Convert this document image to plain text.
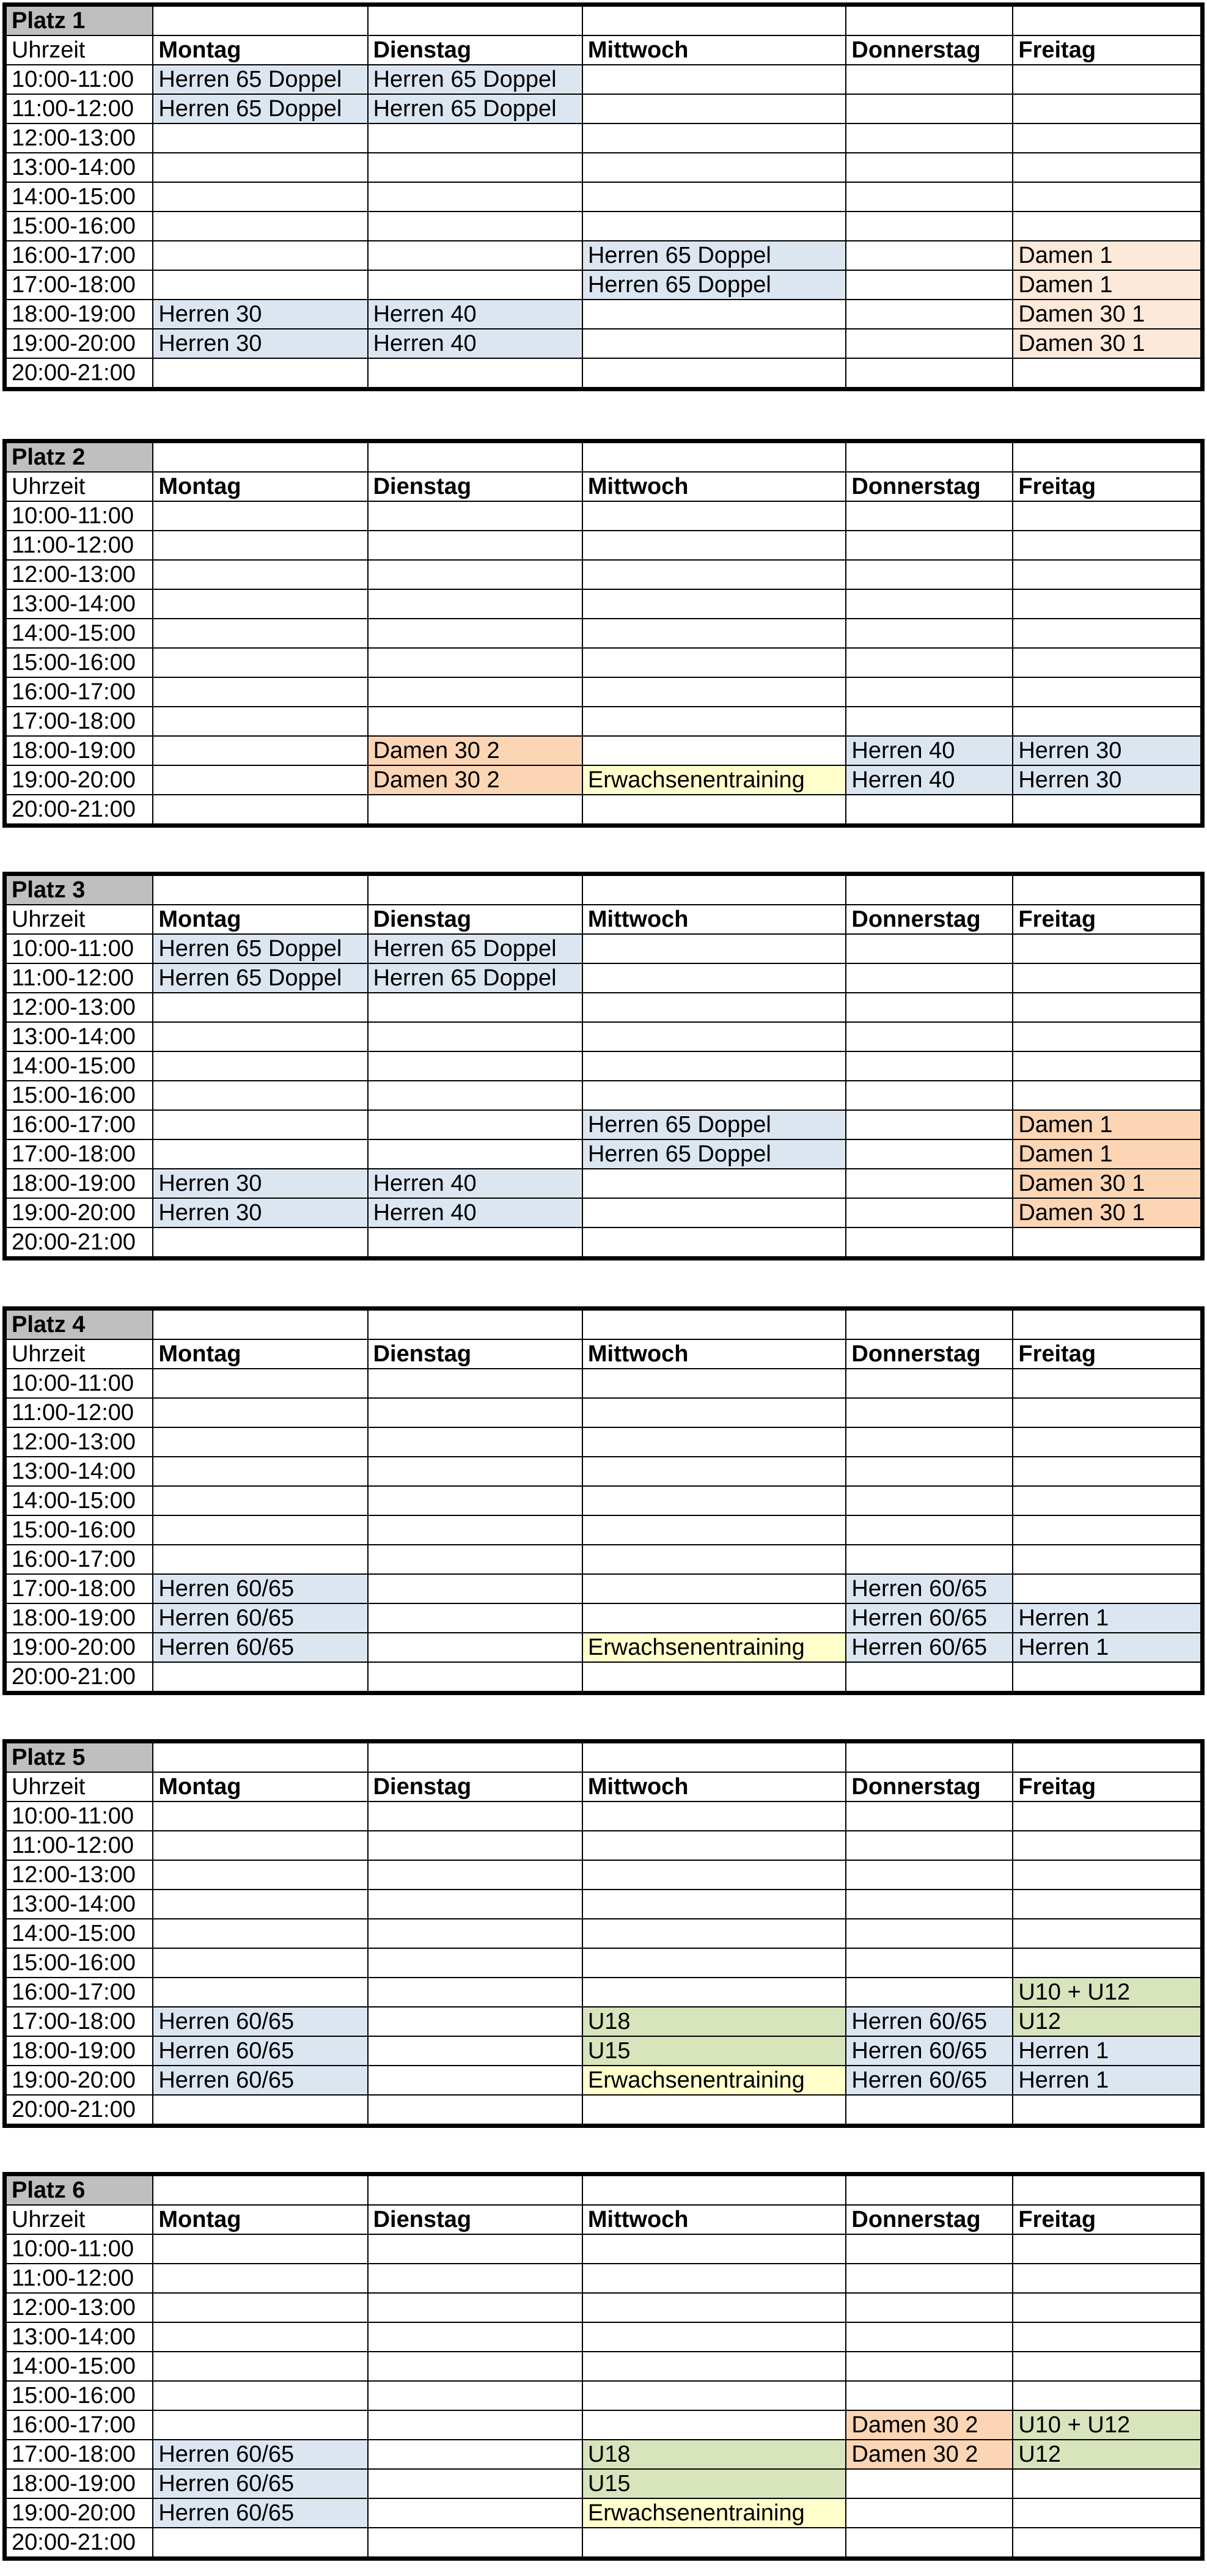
Platz 1					
Uhrzeit	Montag	Dienstag	Mittwoch	Donnerstag	Freitag
10:00-11:00	Herren 65 Doppel	Herren 65 Doppel			
11:00-12:00	Herren 65 Doppel	Herren 65 Doppel			
12:00-13:00					
13:00-14:00					
14:00-15:00					
15:00-16:00					
16:00-17:00			Herren 65 Doppel		Damen 1
17:00-18:00			Herren 65 Doppel		Damen 1
18:00-19:00	Herren 30	Herren 40			Damen 30 1
19:00-20:00	Herren 30	Herren 40			Damen 30 1
20:00-21:00					
Platz 2					
Uhrzeit	Montag	Dienstag	Mittwoch	Donnerstag	Freitag
10:00-11:00					
11:00-12:00					
12:00-13:00					
13:00-14:00					
14:00-15:00					
15:00-16:00					
16:00-17:00					
17:00-18:00					
18:00-19:00		Damen 30 2		Herren 40	Herren 30
19:00-20:00		Damen 30 2	Erwachsenentraining	Herren 40	Herren 30
20:00-21:00					
Platz 3					
Uhrzeit	Montag	Dienstag	Mittwoch	Donnerstag	Freitag
10:00-11:00	Herren 65 Doppel	Herren 65 Doppel			
11:00-12:00	Herren 65 Doppel	Herren 65 Doppel			
12:00-13:00					
13:00-14:00					
14:00-15:00					
15:00-16:00					
16:00-17:00			Herren 65 Doppel		Damen 1
17:00-18:00			Herren 65 Doppel		Damen 1
18:00-19:00	Herren 30	Herren 40			Damen 30 1
19:00-20:00	Herren 30	Herren 40			Damen 30 1
20:00-21:00					
Platz 4					
Uhrzeit	Montag	Dienstag	Mittwoch	Donnerstag	Freitag
10:00-11:00					
11:00-12:00					
12:00-13:00					
13:00-14:00					
14:00-15:00					
15:00-16:00					
16:00-17:00					
17:00-18:00	Herren 60/65			Herren 60/65	
18:00-19:00	Herren 60/65			Herren 60/65	Herren 1
19:00-20:00	Herren 60/65		Erwachsenentraining	Herren 60/65	Herren 1
20:00-21:00					
Platz 5					
Uhrzeit	Montag	Dienstag	Mittwoch	Donnerstag	Freitag
10:00-11:00					
11:00-12:00					
12:00-13:00					
13:00-14:00					
14:00-15:00					
15:00-16:00					
16:00-17:00					U10 + U12
17:00-18:00	Herren 60/65		U18	Herren 60/65	U12
18:00-19:00	Herren 60/65		U15	Herren 60/65	Herren 1
19:00-20:00	Herren 60/65		Erwachsenentraining	Herren 60/65	Herren 1
20:00-21:00					
Platz 6					
Uhrzeit	Montag	Dienstag	Mittwoch	Donnerstag	Freitag
10:00-11:00					
11:00-12:00					
12:00-13:00					
13:00-14:00					
14:00-15:00					
15:00-16:00					
16:00-17:00				Damen 30 2	U10 + U12
17:00-18:00	Herren 60/65		U18	Damen 30 2	U12
18:00-19:00	Herren 60/65		U15		
19:00-20:00	Herren 60/65		Erwachsenentraining		
20:00-21:00					
